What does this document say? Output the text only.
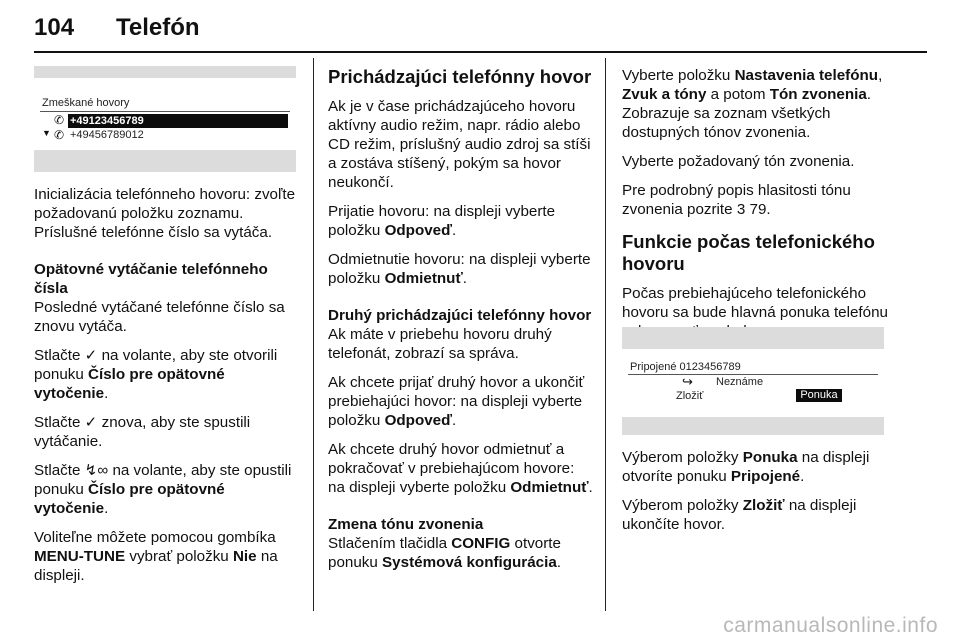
104 Telefón
Zmeškané hovory
✆ +49123456789
▼ ✆ +49456789012

Inicializácia telefónneho hovoru: zvoľte požadovanú položku zoznamu. Príslušné telefónne číslo sa vytáča.

Opätovné vytáčanie telefónneho
čísla

Posledné vytáčané telefónne číslo sa znovu vytáča.

Stlačte ✓ na volante, aby ste otvorili ponuku Číslo pre opätovné vytočenie.

Stlačte ✓ znova, aby ste spustili vytáčanie.

Stlačte ↯∞ na volante, aby ste opustili ponuku Číslo pre opätovné vytočenie.

Voliteľne môžete pomocou gombíka MENU-TUNE vybrať položku Nie na displeji.

Prichádzajúci telefónny hovor

Ak je v čase prichádzajúceho hovoru aktívny audio režim, napr. rádio alebo CD režim, príslušný audio zdroj sa stíši a zostáva stíšený, pokým sa hovor neukončí.

Prijatie hovoru: na displeji vyberte položku Odpoveď.

Odmietnutie hovoru: na displeji vyberte položku Odmietnuť.

Druhý prichádzajúci telefónny hovor

Ak máte v priebehu hovoru druhý telefonát, zobrazí sa správa.

Ak chcete prijať druhý hovor a ukončiť prebiehajúci hovor: na displeji vyberte položku Odpoveď.

Ak chcete druhý hovor odmietnuť a pokračovať v prebiehajúcom hovore: na displeji vyberte položku Odmietnuť.

Zmena tónu zvonenia

Stlačením tlačidla CONFIG otvorte ponuku Systémová konfigurácia.

Vyberte položku Nastavenia telefónu, Zvuk a tóny a potom Tón zvonenia. Zobrazuje sa zoznam všetkých dostupných tónov zvonenia.

Vyberte požadovaný tón zvonenia.

Pre podrobný popis hlasitosti tónu zvonenia pozrite 3 79.

Funkcie počas telefonického hovoru

Počas prebiehajúceho telefonického hovoru sa bude hlavná ponuka telefónu

Pripojené 0123456789
↪ Neznáme
Zložiť	Ponuka

Výberom položky Ponuka na displeji otvoríte ponuku Pripojené.

Výberom položky Zložiť na displeji ukončíte hovor.

carmanualsonline.info
